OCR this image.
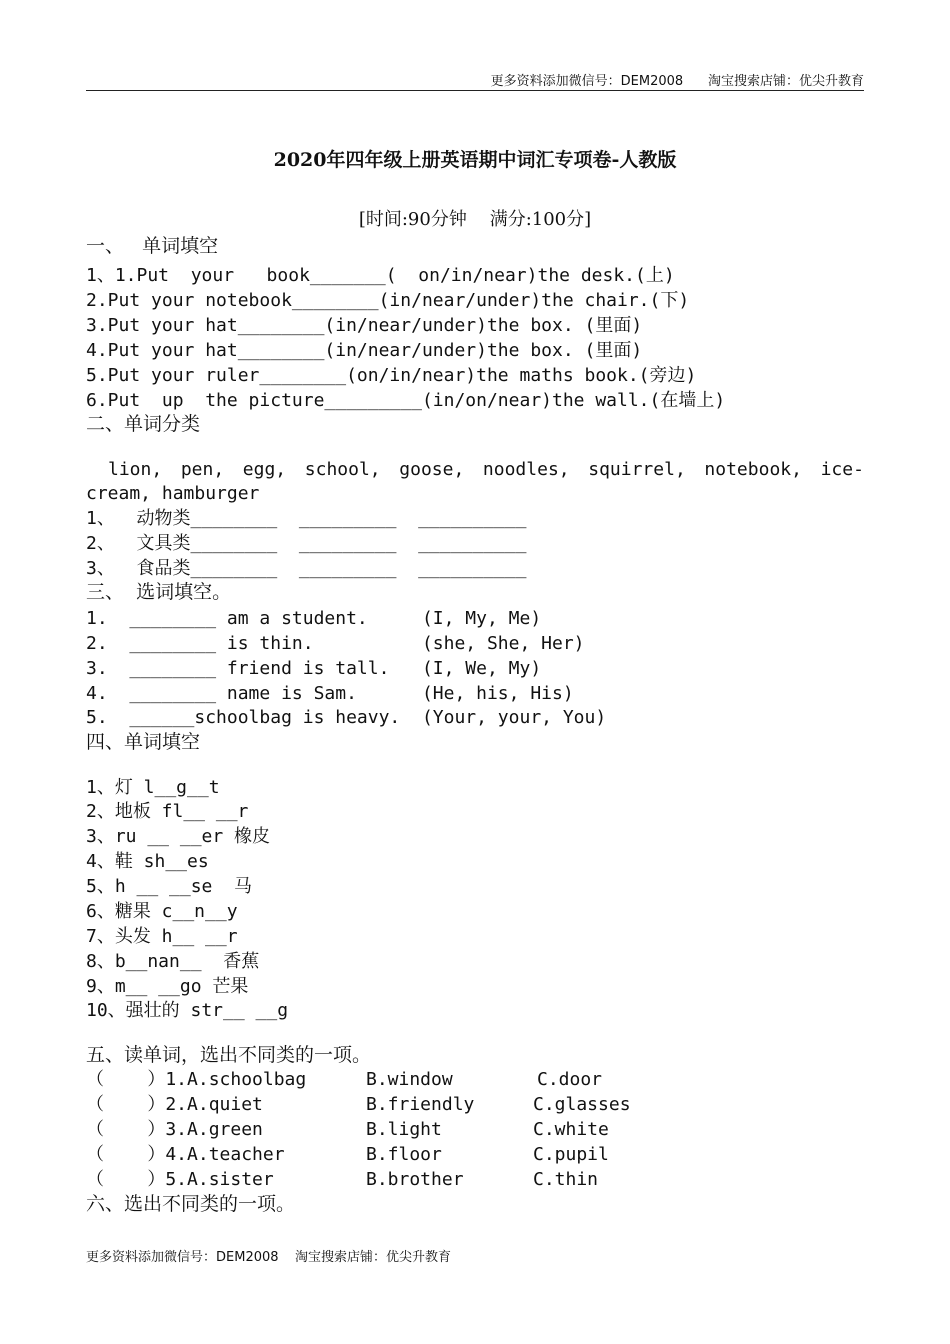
更多资料添加微信号：DEM2008      淘宝搜索店铺：优尖升教育
2020年四年级上册英语期中词汇专项卷-人教版
[时间:90分钟    满分:100分]
一、   单词填空
1、1.Put  your   book_______(  on/in/near)the desk.(上)
2.Put your notebook________(in/near/under)the chair.(下)
3.Put your hat________(in/near/under)the box. (里面)
4.Put your hat________(in/near/under)the box. (里面)
5.Put your ruler________(on/in/near)the maths book.(旁边)
6.Put  up  the picture_________(in/on/near)the wall.(在墙上)
二、单词分类
lion, pen, egg, school, goose, noodles, squirrel, notebook, ice-
cream, hamburger
1、  动物类________  _________  __________
2、  文具类________  _________  __________
3、  食品类________  _________  __________
三、  选词填空。
1.  ________ am a student.     (I, My, Me)
2.  ________ is thin.          (she, She, Her)
3.  ________ friend is tall.   (I, We, My)
4.  ________ name is Sam.      (He, his, His)
5.  ______schoolbag is heavy.  (Your, your, You)
四、单词填空
1、灯 l__g__t
2、地板 fl__ __r
3、ru __ __er 橡皮
4、鞋 sh__es
5、h __ __se  马
6、糖果 c__n__y
7、头发 h__ __r
8、b__nan__  香蕉
9、m__ __go 芒果
10、强壮的 str__ __g
五、读单词，选出不同类的一项。
（    ）1.A.schoolbag	B.window	C.door
（    ）2.A.quiet	B.friendly	C.glasses
（    ）3.A.green	B.light	C.white
（    ）4.A.teacher	B.floor	C.pupil
（    ）5.A.sister	B.brother	C.thin
六、选出不同类的一项。
更多资料添加微信号：DEM2008    淘宝搜索店铺：优尖升教育
